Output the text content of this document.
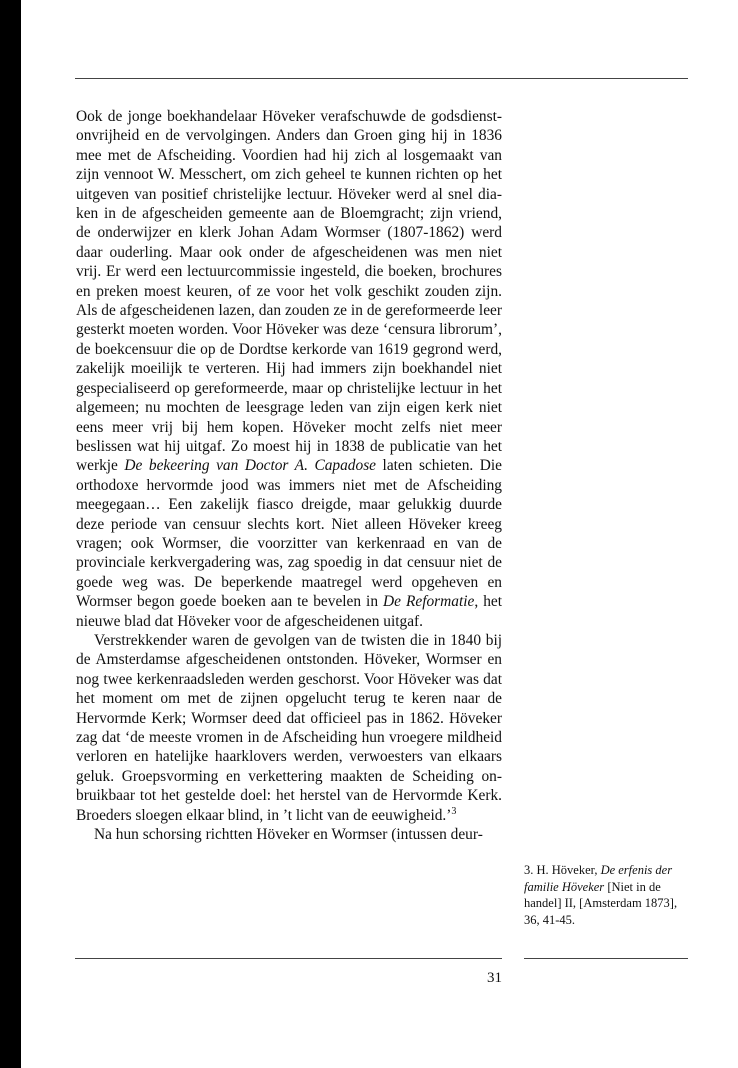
Ook de jonge boekhandelaar Höveker verafschuwde de godsdienstonvrijheid en de vervolgingen. Anders dan Groen ging hij in 1836 mee met de Afscheiding. Voordien had hij zich al losgemaakt van zijn vennoot W. Messchert, om zich geheel te kunnen richten op het uitgeven van positief christelijke lectuur. Höveker werd al snel diaken in de afgescheiden gemeente aan de Bloemgracht; zijn vriend, de onderwijzer en klerk Johan Adam Wormser (1807-1862) werd daar ouderling. Maar ook onder de afgescheidenen was men niet vrij. Er werd een lectuurcommissie ingesteld, die boeken, brochures en preken moest keuren, of ze voor het volk geschikt zouden zijn. Als de afgescheidenen lazen, dan zouden ze in de gereformeerde leer gesterkt moeten worden. Voor Höveker was deze ‘censura librorum’, de boekcensuur die op de Dordtse kerkorde van 1619 gegrond werd, zakelijk moeilijk te verteren. Hij had immers zijn boekhandel niet gespecialiseerd op gereformeerde, maar op christelijke lectuur in het algemeen; nu mochten de leesgrage leden van zijn eigen kerk niet eens meer vrij bij hem kopen. Höveker mocht zelfs niet meer beslissen wat hij uitgaf. Zo moest hij in 1838 de publicatie van het werkje De bekeering van Doctor A. Capadose laten schieten. Die orthodoxe hervormde jood was immers niet met de Afscheiding meegegaan… Een zakelijk fiasco dreigde, maar gelukkig duurde deze periode van censuur slechts kort. Niet alleen Höveker kreeg vragen; ook Wormser, die voorzitter van kerkenraad en van de provinciale kerkvergadering was, zag spoedig in dat censuur niet de goede weg was. De beperkende maatregel werd opgeheven en Wormser begon goede boeken aan te bevelen in De Reformatie, het nieuwe blad dat Höveker voor de afgescheidenen uitgaf.

Verstrekkender waren de gevolgen van de twisten die in 1840 bij de Amsterdamse afgescheidenen ontstonden. Höveker, Wormser en nog twee kerkenraadsleden werden geschorst. Voor Höveker was dat het moment om met de zijnen opgelucht terug te keren naar de Hervormde Kerk; Wormser deed dat officieel pas in 1862. Höveker zag dat ‘de meeste vromen in de Afscheiding hun vroegere mildheid verloren en hatelijke haarklovers werden, verwoesters van elkaars geluk. Groepsvorming en verkettering maakten de Scheiding onbruikbaar tot het gestelde doel: het herstel van de Hervormde Kerk. Broeders sloegen elkaar blind, in ’t licht van de eeuwigheid.’$^3$

Na hun schorsing richtten Höveker en Wormser (intussen deur-

3. H. Höveker, De erfenis der familie Höveker [Niet in de handel] II, [Amsterdam 1873], 36, 41-45.
31
